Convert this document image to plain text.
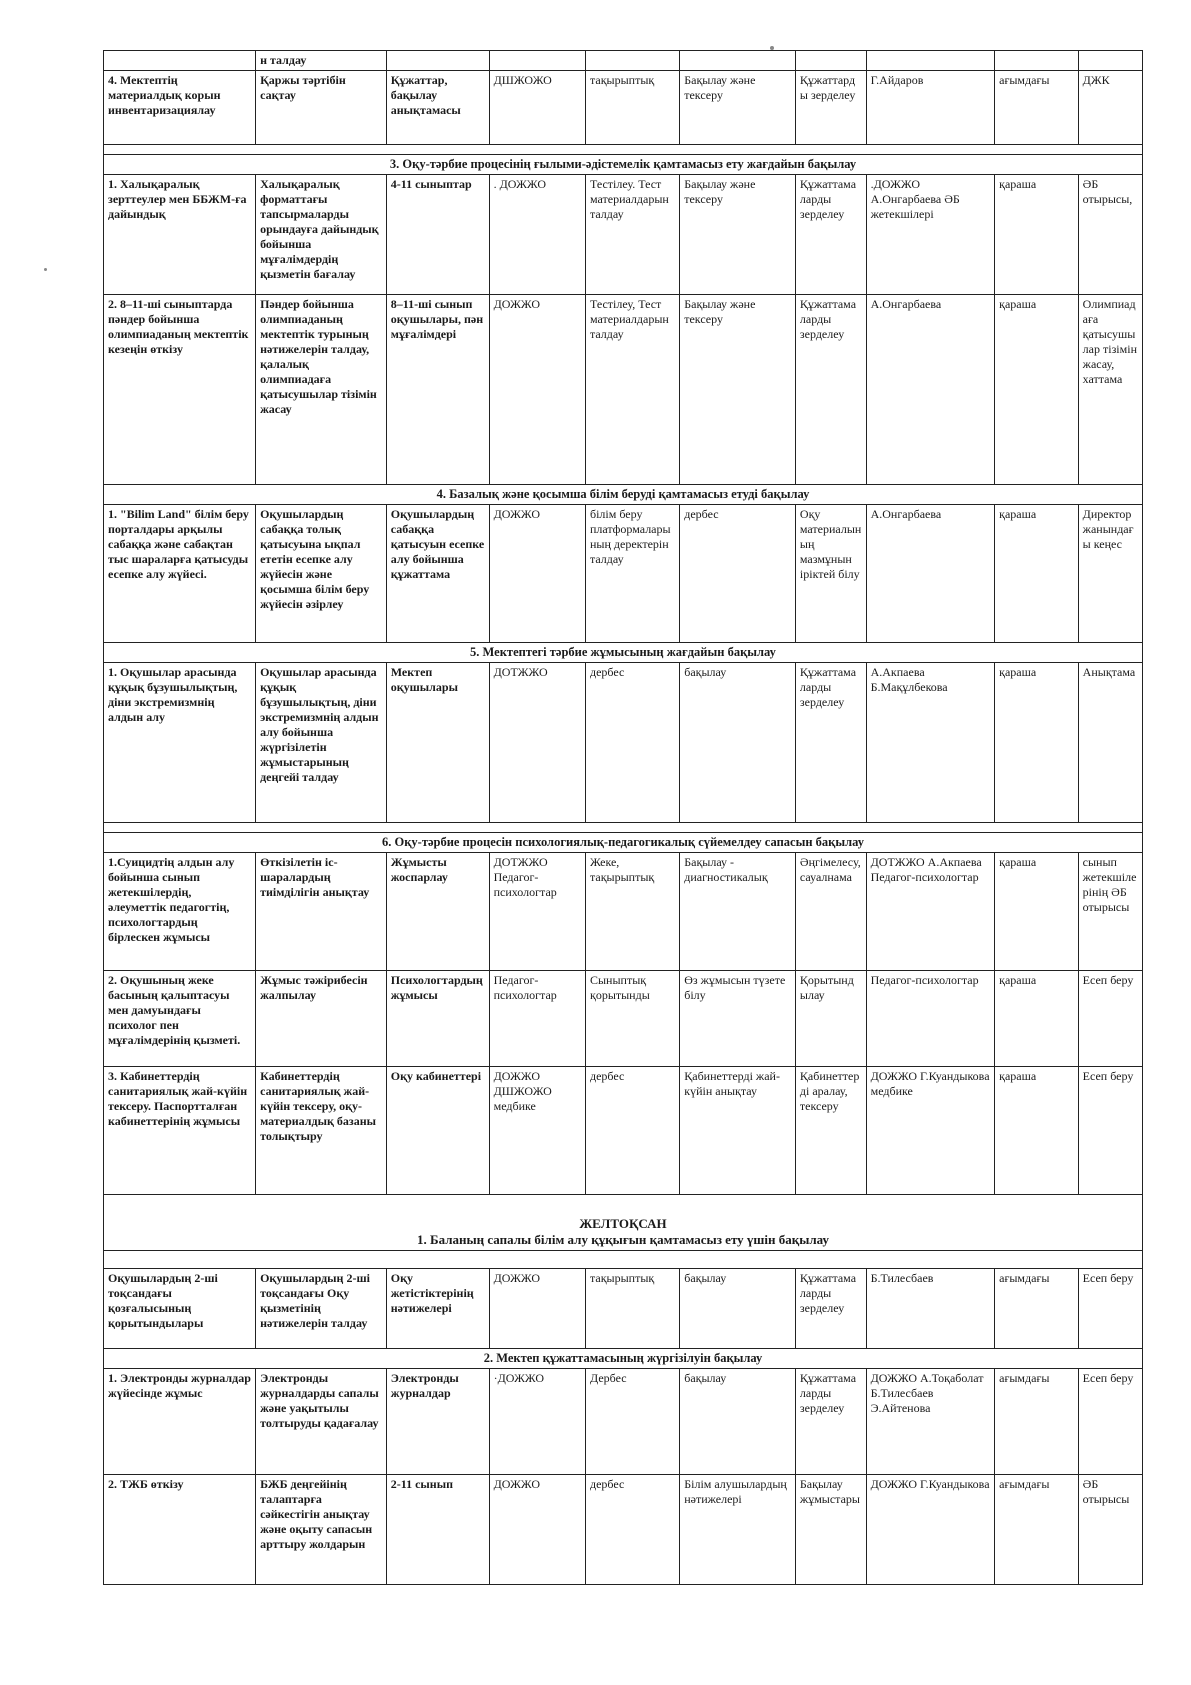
	н талдау								
4. Мектептің материалдық корын инвентаризациялау	Қаржы тәртібін сақтау	Құжаттар, бақылау анықтамасы	ДШЖОЖО	тақырыптық	Бақылау және тексеру	Құжаттарды зерделеу	Г.Айдаров	ағымдағы	ДЖК

3. Оқу-тәрбие процесінің ғылыми-әдістемелік қамтамасыз ету жағдайын бақылау									
1. Халықаралық зерттеулер мен ББЖМ-ға дайындық	Халықаралық форматтағы тапсырмаларды орындауға дайындық бойынша мұғалімдердің қызметін бағалау	4-11 сыныптар	. ДОЖЖО	Тестілеу. Тест материалдарын талдау	Бақылау және тексеру	Құжаттамаларды зерделеу	.ДОЖЖО А.Онгарбаева ӘБ жетекшілері	қараша	ӘБ отырысы,
2. 8–11-ші сыныптарда пәндер бойынша олимпиаданың мектептік кезеңін өткізу	Пәндер бойынша олимпиаданың мектептік турының нәтижелерін талдау, қалалық олимпиадаға қатысушылар тізімін жасау	8–11-ші сынып оқушылары, пән мұғалімдері	ДОЖЖО	Тестілеу, Тест материалдарын талдау	Бақылау және тексеру	Құжаттамаларды зерделеу	А.Онгарбаева	қараша	Олимпиадаға қатысушылар тізімін жасау, хаттама
4. Базалық және қосымша білім беруді қамтамасыз етуді бақылау									
1. "Bilim Land" білім беру порталдары арқылы сабаққа және сабақтан тыс шараларға қатысуды есепке алу жүйесі.	Оқушылардың сабаққа толық қатысуына ықпал ететін есепке алу жүйесін және қосымша білім беру жүйесін әзірлеу	Оқушылардың сабаққа қатысуын есепке алу бойынша құжаттама	ДОЖЖО	білім беру платформаларының деректерін талдау	дербес	Оқу материалының мазмұнын іріктей білу	А.Онгарбаева	қараша	Директор жанындағы кеңес
5. Мектептегі тәрбие жұмысының жағдайын бақылау									
1. Оқушылар арасында құқық бұзушылықтың, діни экстремизмнің алдын алу	Оқушылар арасында құқық бұзушылықтың, діни экстремизмнің алдын алу бойынша жүргізілетін жұмыстарының деңгейі талдау	Мектеп оқушылары	ДОТЖЖО	дербес	бақылау	Құжаттамаларды зерделеу	А.Акпаева Б.Мақұлбекова	қараша	Анықтама

6. Оқу-тәрбие процесін психологиялық-педагогикалық сүйемелдеу сапасын бақылау									
1.Суицидтің алдын алу бойынша сынып жетекшілердің, әлеуметтік педагогтің, психологтардың бірлескен жұмысы	Өткізілетін іс-шаралардың тиімділігін анықтау	Жұмысты жоспарлау	ДОТЖЖО Педагог-психологтар	Жеке, тақырыптық	Бақылау - диагностикалық	Әңгімелесу, сауалнама	ДОТЖЖО А.Акпаева Педагог-психологтар	қараша	сынып жетекшілерінің ӘБ отырысы
2. Оқушының жеке басының қалыптасуы мен дамуындағы психолог пен мұғалімдерінің қызметі.	Жұмыс тәжірибесін жалпылау	Психологтардың жұмысы	Педагог-психологтар	Сыныптық қорытынды	Өз жұмысын түзете білу	Қорытындылау	Педагог-психологтар	қараша	Есеп беру
3. Кабинеттердің санитариялық жай-күйін тексеру. Паспортталған кабинеттерінің жұмысы	Кабинеттердің санитариялық жай-күйін тексеру, оқу-материалдық базаны толықтыру	Оқу кабинеттері	ДОЖЖО ДШЖОЖО медбике	дербес	Қабинеттерді жай-күйін анықтау	Қабинеттерді аралау, тексеру	ДОЖЖО Г.Куандыкова медбике	қараша	Есеп беру

ЖЕЛТОҚСАН
1. Баланың сапалы білім алу құқығын қамтамасыз ету үшін бақылау									

Оқушылардың 2-ші тоқсандағы қозғалысының қорытындылары	Оқушылардың 2-ші тоқсандағы Оқу қызметінің нәтижелерін талдау	Оқу жетістіктерінің нәтижелері	ДОЖЖО	тақырыптық	бақылау	Құжаттамаларды зерделеу	Б.Тилесбаев	ағымдағы	Есеп беру
2. Мектеп құжаттамасының жүргізілуін бақылау									
1. Электронды журналдар жүйесінде жұмыс	Электронды журналдарды сапалы және уақытылы толтыруды қадағалау	Электронды журналдар	·ДОЖЖО	Дербес	бақылау	Құжаттамаларды зерделеу	ДОЖЖО А.Тоқаболат Б.Тилесбаев Э.Айтенова	ағымдағы	Есеп беру
2. ТЖБ өткізу	БЖБ деңгейінің талаптарға сәйкестігін анықтау және оқыту сапасын арттыру жолдарын	2-11 сынып	ДОЖЖО	дербес	Білім алушылардың нәтижелері	Бақылау жұмыстары	ДОЖЖО Г.Куандыкова	ағымдағы	ӘБ отырысы
